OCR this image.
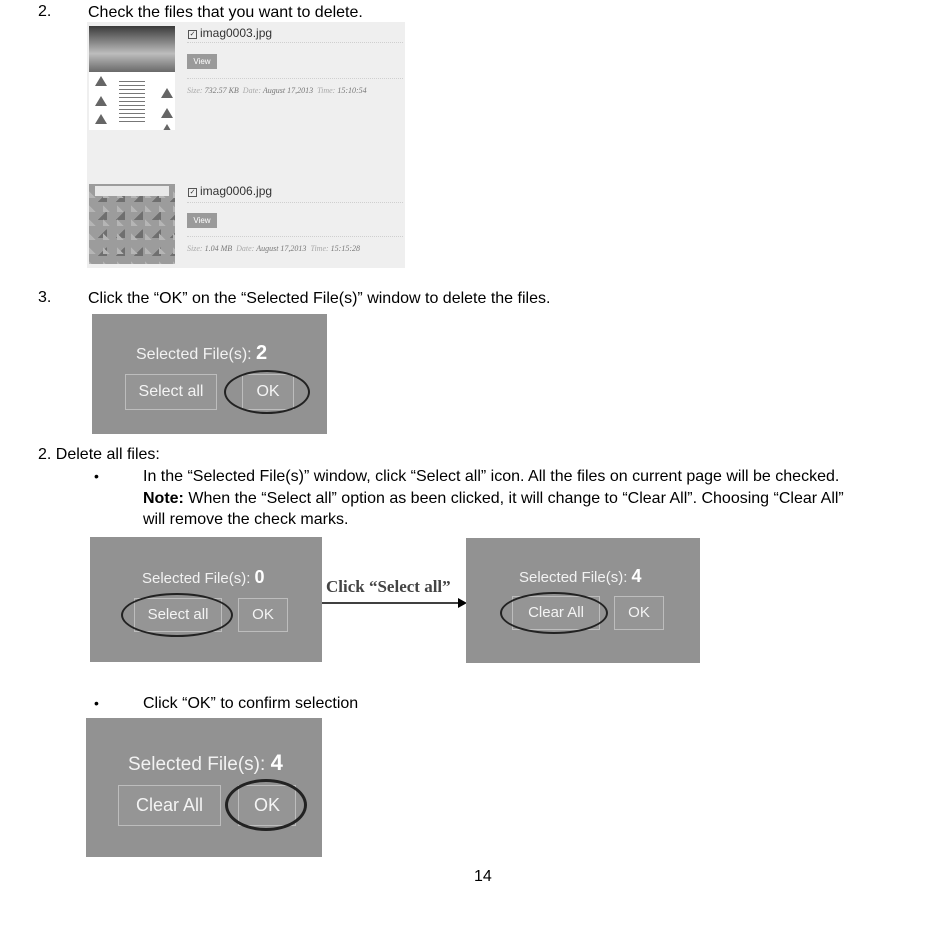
2. Check the files that you want to delete.
✓ imag0003.jpg
View
Size: 732.57 KB Date: August 17,2013 Time: 15:10:54
✓ imag0006.jpg
View
Size: 1.04 MB Date: August 17,2013 Time: 15:15:28
3. Click the “OK” on the “Selected File(s)” window to delete the files.
Selected File(s): 2
Select all	OK
2. Delete all files:
•	In the “Selected File(s)” window, click “Select all” icon. All the files on current page will be checked.
Note: When the “Select all” option as been clicked, it will change to “Clear All”. Choosing “Clear All”
will remove the check marks.
Selected File(s): 0
Select all	OK
Click “Select all”	Selected File(s): 4
Clear All	OK
•	Click “OK” to confirm selection
Selected File(s): 4
Clear All	OK
14
